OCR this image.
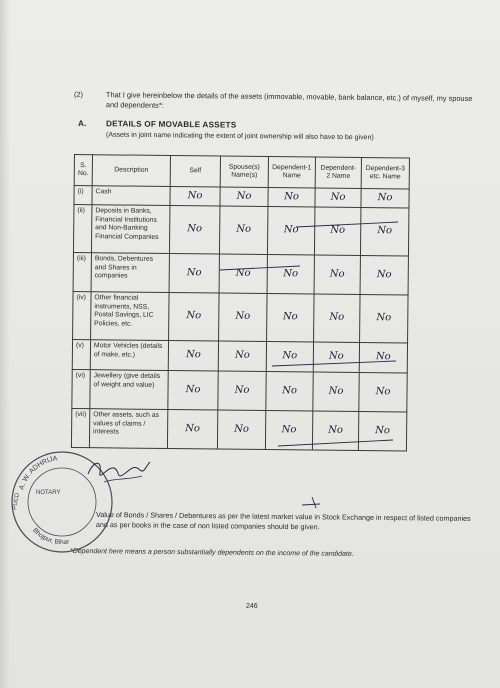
(2)	That I give hereinbelow the details of the assets (immovable, movable, bank balance, etc.) of myself, my spouse and dependents*:
A. DETAILS OF MOVABLE ASSETS
(Assets in joint name indicating the extent of joint ownership will also have to be given)
S. No.	Description	Self	Spouse(s) Name(s)	Dependent-1 Name	Dependent-2 Name	Dependent-3 etc. Name
(i)	Cash	No	No	No	No	No
(ii)	Deposits in Banks, Financial Institutions and Non-Banking Financial Companies	No	No	No	No	No
(iii)	Bonds, Debentures and Shares in companies	No	No	No	No	No
(iv)	Other financial instruments, NSS, Postal Savings, LIC Policies, etc.	No	No	No	No	No
(v)	Motor Vehicles (details of make, etc.)	No	No	No	No	No
(vi)	Jewellery (give details of weight and value)	No	No	No	No	No
(vii)	Other assets, such as values of claims / interests	No	No	No	No	No
Value of Bonds / Shares / Debentures as per the latest market value in Stock Exchange in respect of listed companies and as per books in the case of non listed companies should be given.
*Dependent here means a person substantially dependents on the income of the candidate.
246
A. W. ADHRIJA
Bhojpur, Bihar
NOTARY
PUCD
